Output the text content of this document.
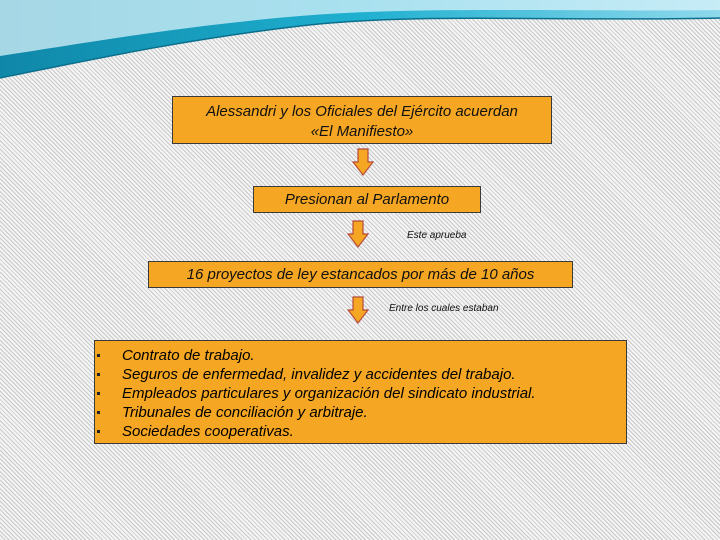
Alessandri y los Oficiales del Ejército acuerdan
«El Manifiesto»
Presionan al Parlamento
Este aprueba
16 proyectos de ley estancados por más de 10 años
Entre los cuales estaban
Contrato de trabajo.
Seguros de enfermedad, invalidez y accidentes del trabajo.
Empleados particulares y organización del sindicato industrial.
Tribunales de conciliación y arbitraje.
Sociedades cooperativas.
